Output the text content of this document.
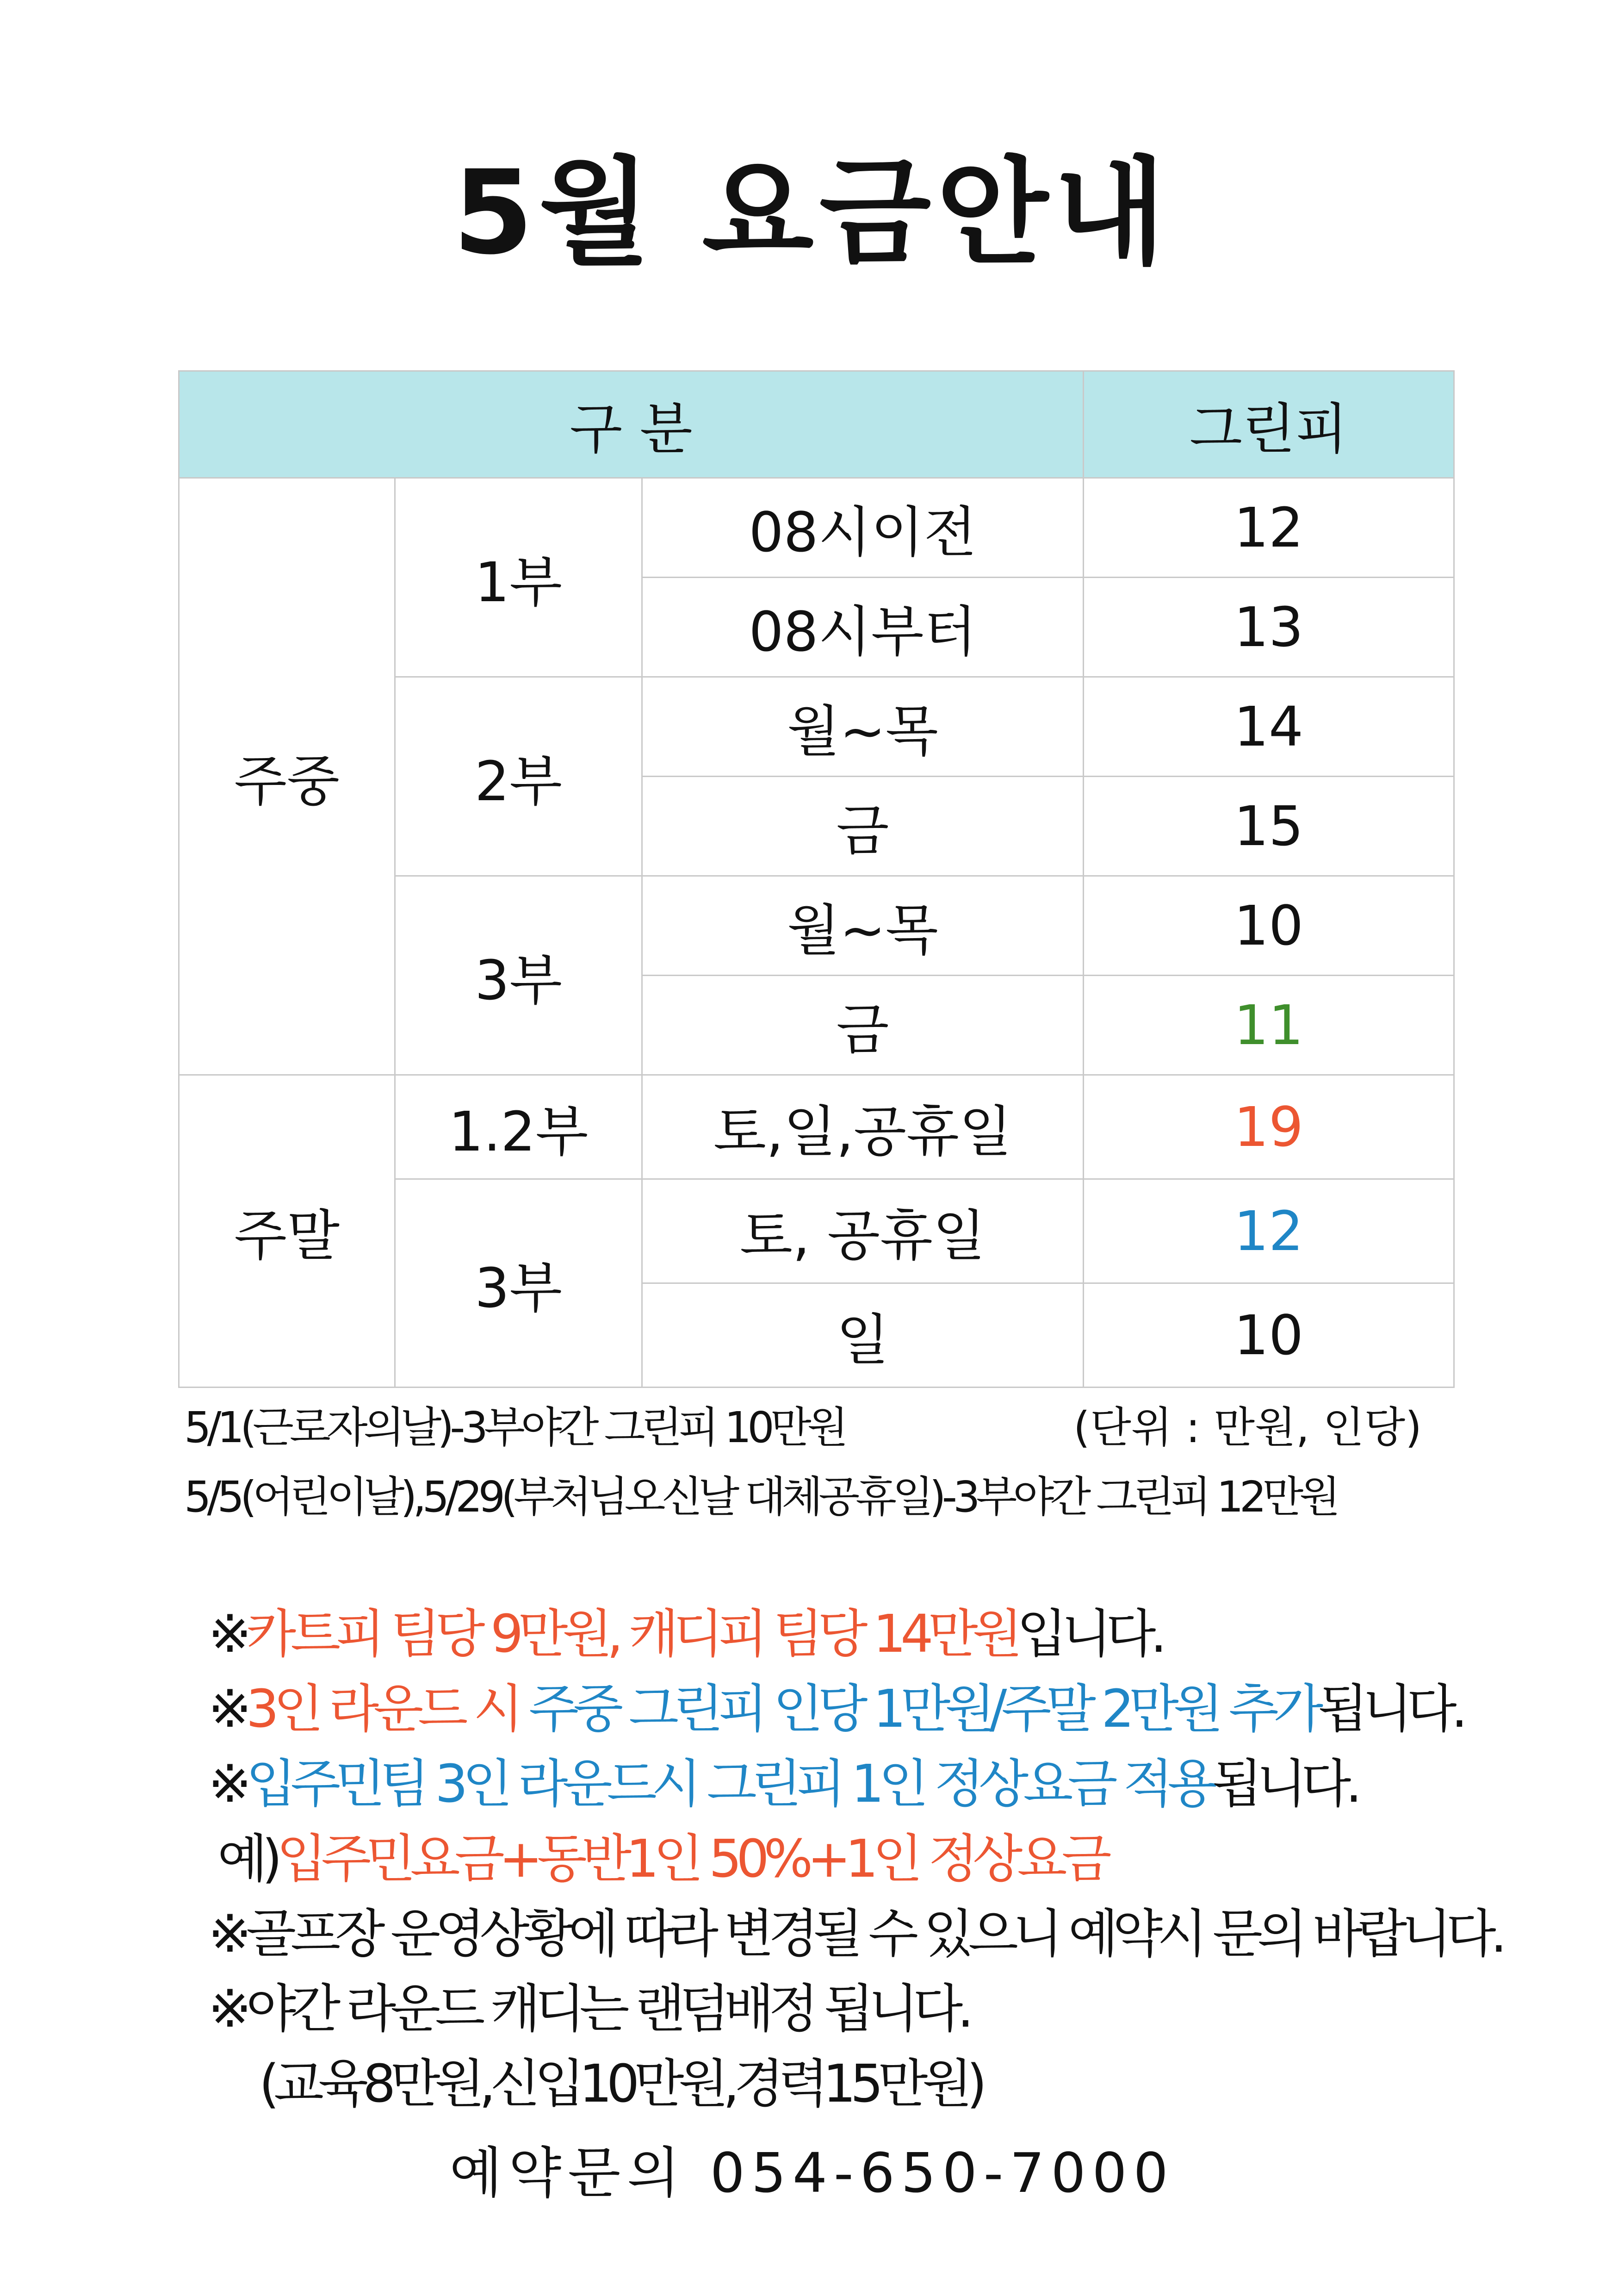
5월 요금안내
구 분			그린피
주중	1부	08시이전	12
		08시부터	13
	2부	월~목	14
		금	15
	3부	월~목	10
		금	11
주말	1.2부	토,일,공휴일	19
	3부	토, 공휴일	12
		일	10
5/1(근로자의날)-3부야간 그린피 10만원
5/5(어린이날),5/29(부처님오신날 대체공휴일)-3부야간 그린피 12만원
(단위 : 만원, 인당)
※카트피 팀당 9만원, 캐디피 팀당 14만원입니다.
※3인 라운드 시 주중 그린피 인당 1만원/주말 2만원 추가됩니다.
※입주민팀 3인 라운드시 그린피 1인 정상요금 적용됩니다.
예)입주민요금+동반1인 50%+1인 정상요금
※골프장 운영상황에 따라 변경될 수 있으니 예약시 문의 바랍니다.
※야간 라운드 캐디는 랜덤배정 됩니다.
(교육8만원,신입10만원,경력15만원)
예약문의 054-650-7000
